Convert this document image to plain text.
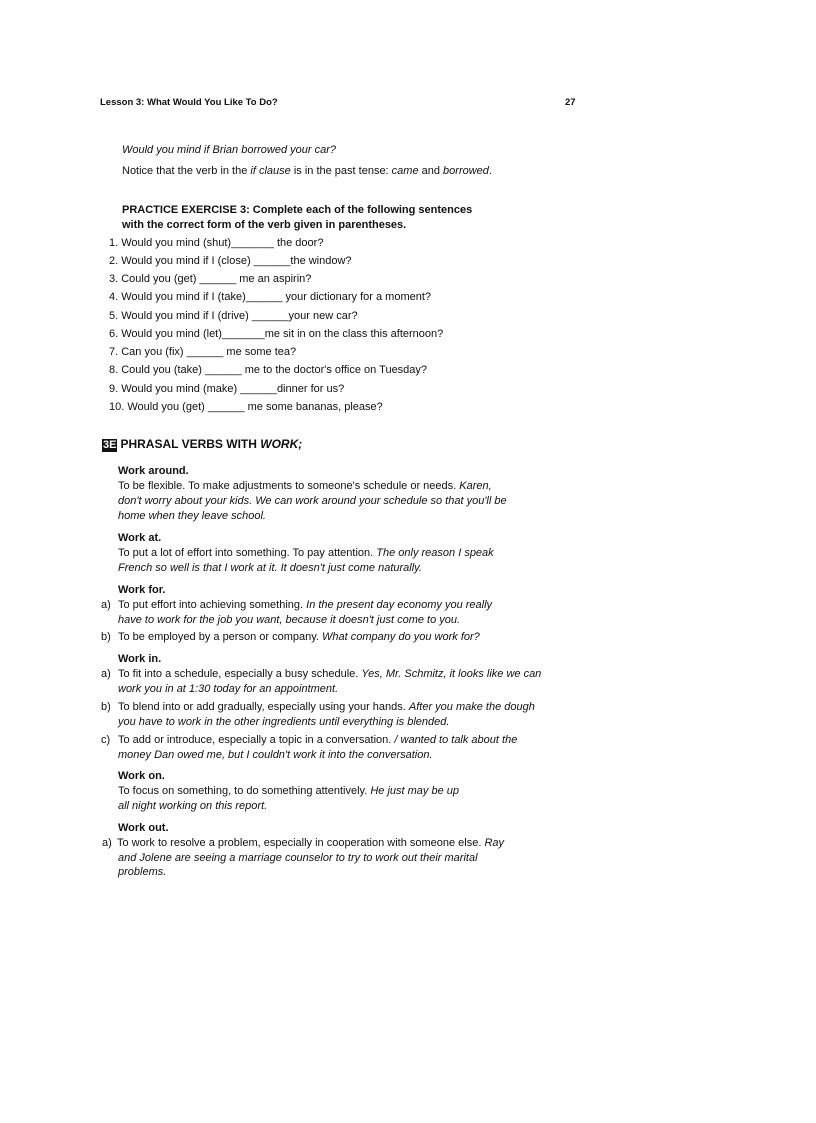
Lesson 3: What Would You Like To Do?	27
Would you mind if Brian borrowed your car?
Notice that the verb in the if clause is in the past tense: came and borrowed.
PRACTICE EXERCISE 3: Complete each of the following sentences
with the correct form of the verb given in parentheses.
1. Would you mind (shut)_______ the door?
2. Would you mind if I (close) ______the window?
3. Could you (get) ______ me an aspirin?
4. Would you mind if I (take)______ your dictionary for a moment?
5. Would you mind if I (drive) ______your new car?
6. Would you mind (let)_______me sit in on the class this afternoon?
7. Can you (fix) ______ me some tea?
8. Could you (take) ______ me to the doctor's office on Tuesday?
9. Would you mind (make) ______dinner for us?
10. Would you (get) ______ me some bananas, please?
3E PHRASAL VERBS WITH WORK;
Work around.
To be flexible. To make adjustments to someone's schedule or needs. Karen,
don't worry about your kids. We can work around your schedule so that you'll be
home when they leave school.
Work at.
To put a lot of effort into something. To pay attention. The only reason I speak
French so well is that I work at it. It doesn't just come naturally.
Work for.
a) To put effort into achieving something. In the present day economy you really
have to work for the job you want, because it doesn't just come to you.
b) To be employed by a person or company. What company do you work for?
Work in.
a) To fit into a schedule, especially a busy schedule. Yes, Mr. Schmitz, it looks like we can
work you in at 1:30 today for an appointment.
b) To blend into or add gradually, especially using your hands. After you make the dough
you have to work in the other ingredients until everything is blended.
c) To add or introduce, especially a topic in a conversation. / wanted to talk about the
money Dan owed me, but I couldn't work it into the conversation.
Work on.
To focus on something, to do something attentively. He just may be up
all night working on this report.
Work out.
a) To work to resolve a problem, especially in cooperation with someone else. Ray
and Jolene are seeing a marriage counselor to try to work out their marital
problems.
